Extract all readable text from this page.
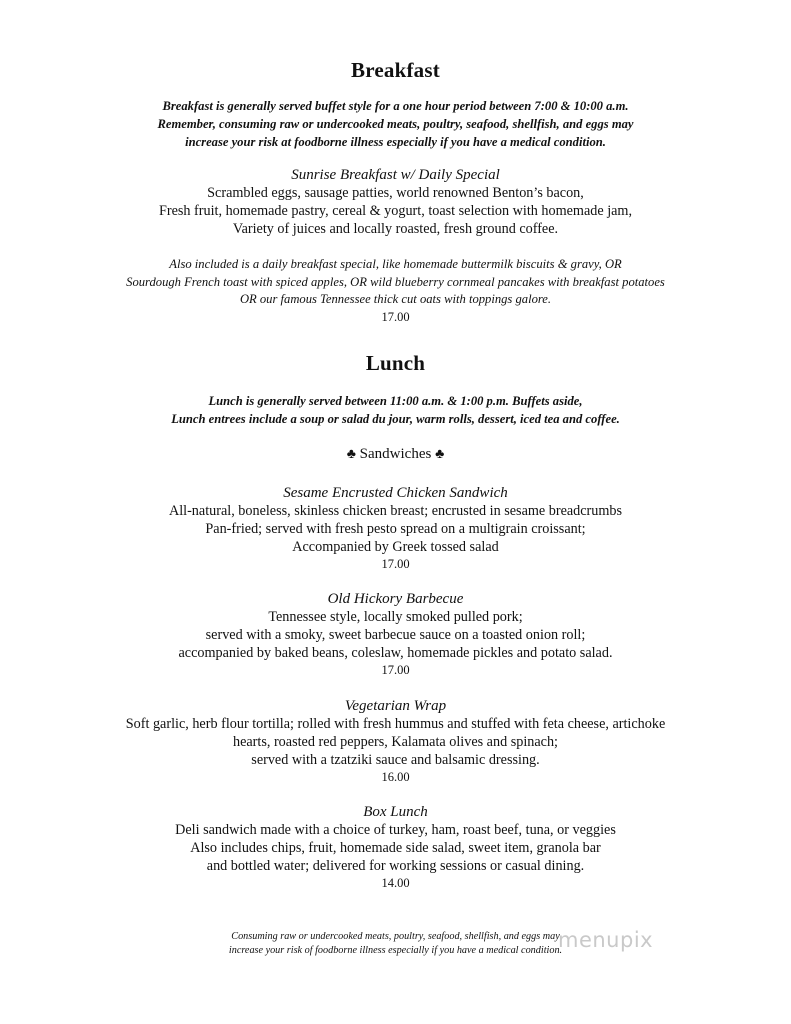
Breakfast
Breakfast is generally served buffet style for a one hour period between 7:00 & 10:00 a.m.
Remember, consuming raw or undercooked meats, poultry, seafood, shellfish, and eggs may
increase your risk at foodborne illness especially if you have a medical condition.
Sunrise Breakfast w/ Daily Special
Scrambled eggs, sausage patties, world renowned Benton’s bacon,
Fresh fruit, homemade pastry, cereal & yogurt, toast selection with homemade jam,
Variety of juices and locally roasted, fresh ground coffee.
Also included is a daily breakfast special, like homemade buttermilk biscuits & gravy, OR
Sourdough French toast with spiced apples, OR wild blueberry cornmeal pancakes with breakfast potatoes
OR our famous Tennessee thick cut oats with toppings galore.
17.00
Lunch
Lunch is generally served between 11:00 a.m. & 1:00 p.m. Buffets aside,
Lunch entrees include a soup or salad du jour, warm rolls, dessert, iced tea and coffee.
♣ Sandwiches ♣
Sesame Encrusted Chicken Sandwich
All-natural, boneless, skinless chicken breast; encrusted in sesame breadcrumbs
Pan-fried; served with fresh pesto spread on a multigrain croissant;
Accompanied by Greek tossed salad
17.00
Old Hickory Barbecue
Tennessee style, locally smoked pulled pork;
served with a smoky, sweet barbecue sauce on a toasted onion roll;
accompanied by baked beans, coleslaw, homemade pickles and potato salad.
17.00
Vegetarian Wrap
Soft garlic, herb flour tortilla; rolled with fresh hummus and stuffed with feta cheese, artichoke
hearts, roasted red peppers, Kalamata olives and spinach;
served with a tzatziki sauce and balsamic dressing.
16.00
Box Lunch
Deli sandwich made with a choice of turkey, ham, roast beef, tuna, or veggies
Also includes chips, fruit, homemade side salad, sweet item, granola bar
and bottled water; delivered for working sessions or casual dining.
14.00
Consuming raw or undercooked meats, poultry, seafood, shellfish, and eggs may
increase your risk of foodborne illness especially if you have a medical condition.
menupix
